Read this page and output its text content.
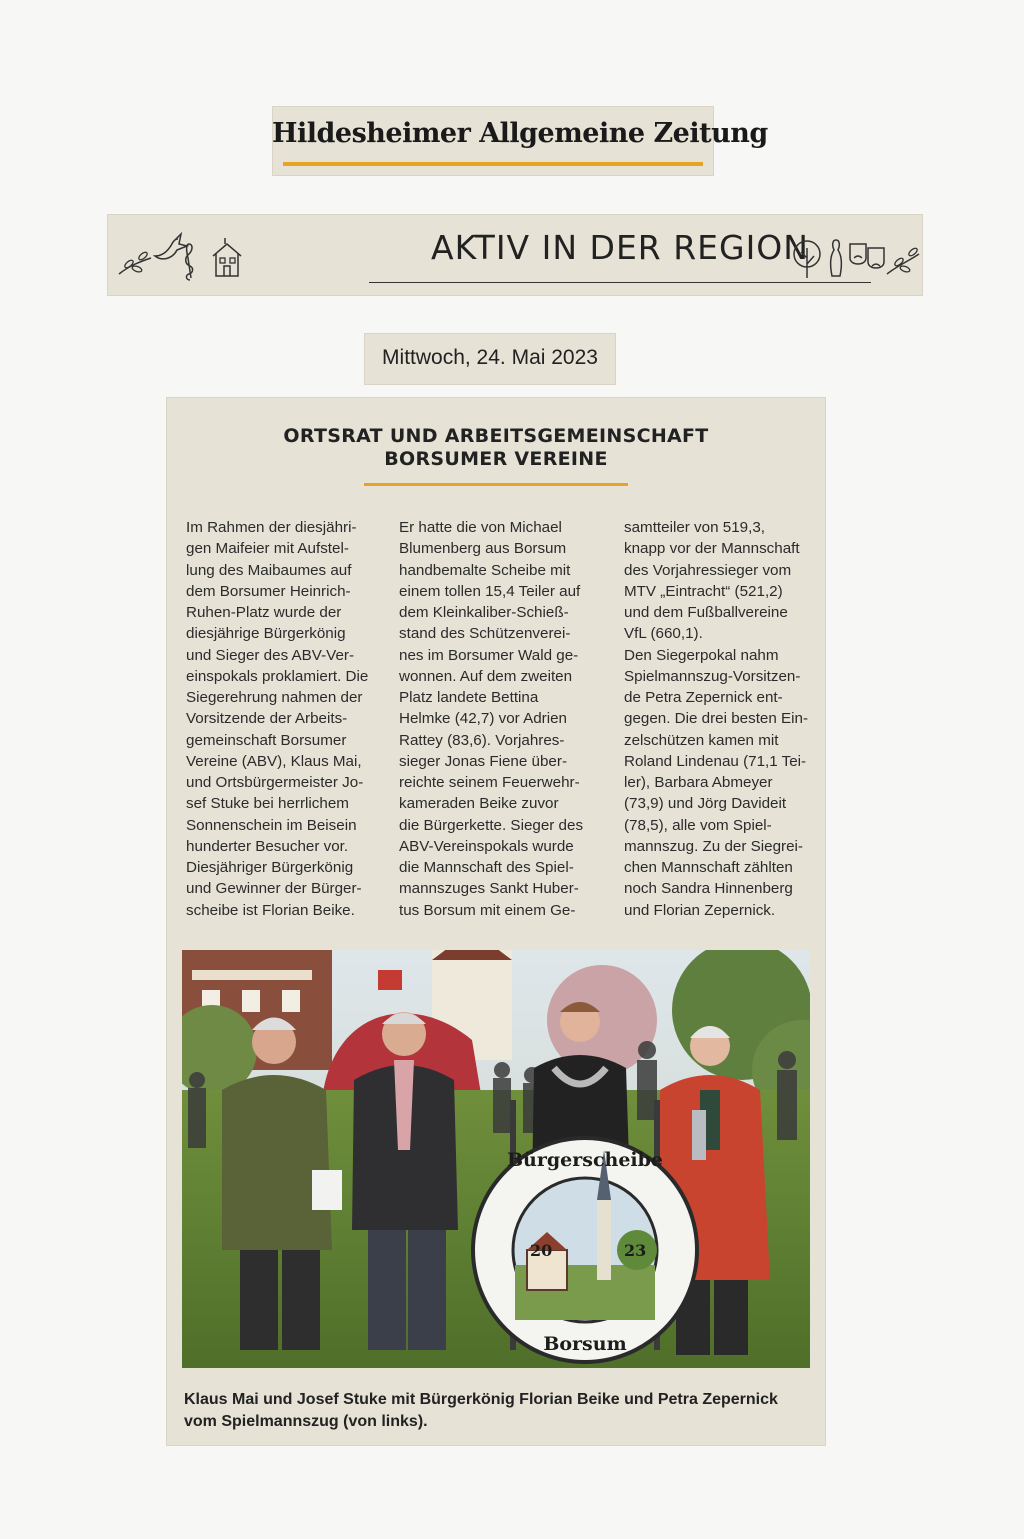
Hildesheimer Allgemeine Zeitung
AKTIV IN DER REGION
Mittwoch, 24. Mai 2023
ORTSRAT UND ARBEITSGEMEINSCHAFT
BORSUMER VEREINE
Im Rahmen der diesjähri-
gen Maifeier mit Aufstel-
lung des Maibaumes auf
dem Borsumer Heinrich-
Ruhen-Platz wurde der
diesjährige Bürgerkönig
und Sieger des ABV-Ver-
einspokals proklamiert. Die
Siegerehrung nahmen der
Vorsitzende der Arbeits-
gemeinschaft Borsumer
Vereine (ABV), Klaus Mai,
und Ortsbürgermeister Jo-
sef Stuke bei herrlichem
Sonnenschein im Beisein
hunderter Besucher vor.
Diesjähriger Bürgerkönig
und Gewinner der Bürger-
scheibe ist Florian Beike.
Er hatte die von Michael
Blumenberg aus Borsum
handbemalte Scheibe mit
einem tollen 15,4 Teiler auf
dem Kleinkaliber-Schieß-
stand des Schützenverei-
nes im Borsumer Wald ge-
wonnen. Auf dem zweiten
Platz landete Bettina
Helmke (42,7) vor Adrien
Rattey (83,6). Vorjahres-
sieger Jonas Fiene über-
reichte seinem Feuerwehr-
kameraden Beike zuvor
die Bürgerkette. Sieger des
ABV-Vereinspokals wurde
die Mannschaft des Spiel-
mannszuges Sankt Huber-
tus Borsum mit einem Ge-
samtteiler von 519,3,
knapp vor der Mannschaft
des Vorjahressieger vom
MTV „Eintracht“ (521,2)
und dem Fußballvereine
VfL (660,1).
Den Siegerpokal nahm
Spielmannszug-Vorsitzen-
de Petra Zepernick ent-
gegen. Die drei besten Ein-
zelschützen kamen mit
Roland Lindenau (71,1 Tei-
ler), Barbara Abmeyer
(73,9) und Jörg Davideit
(78,5), alle vom Spiel-
mannszug. Zu der Siegrei-
chen Mannschaft zählten
noch Sandra Hinnenberg
und Florian Zepernick.
20	23
Bürgerscheibe
Borsum
Klaus Mai und Josef Stuke mit Bürgerkönig Florian Beike und Petra Zepernick
vom Spielmannszug (von links).
